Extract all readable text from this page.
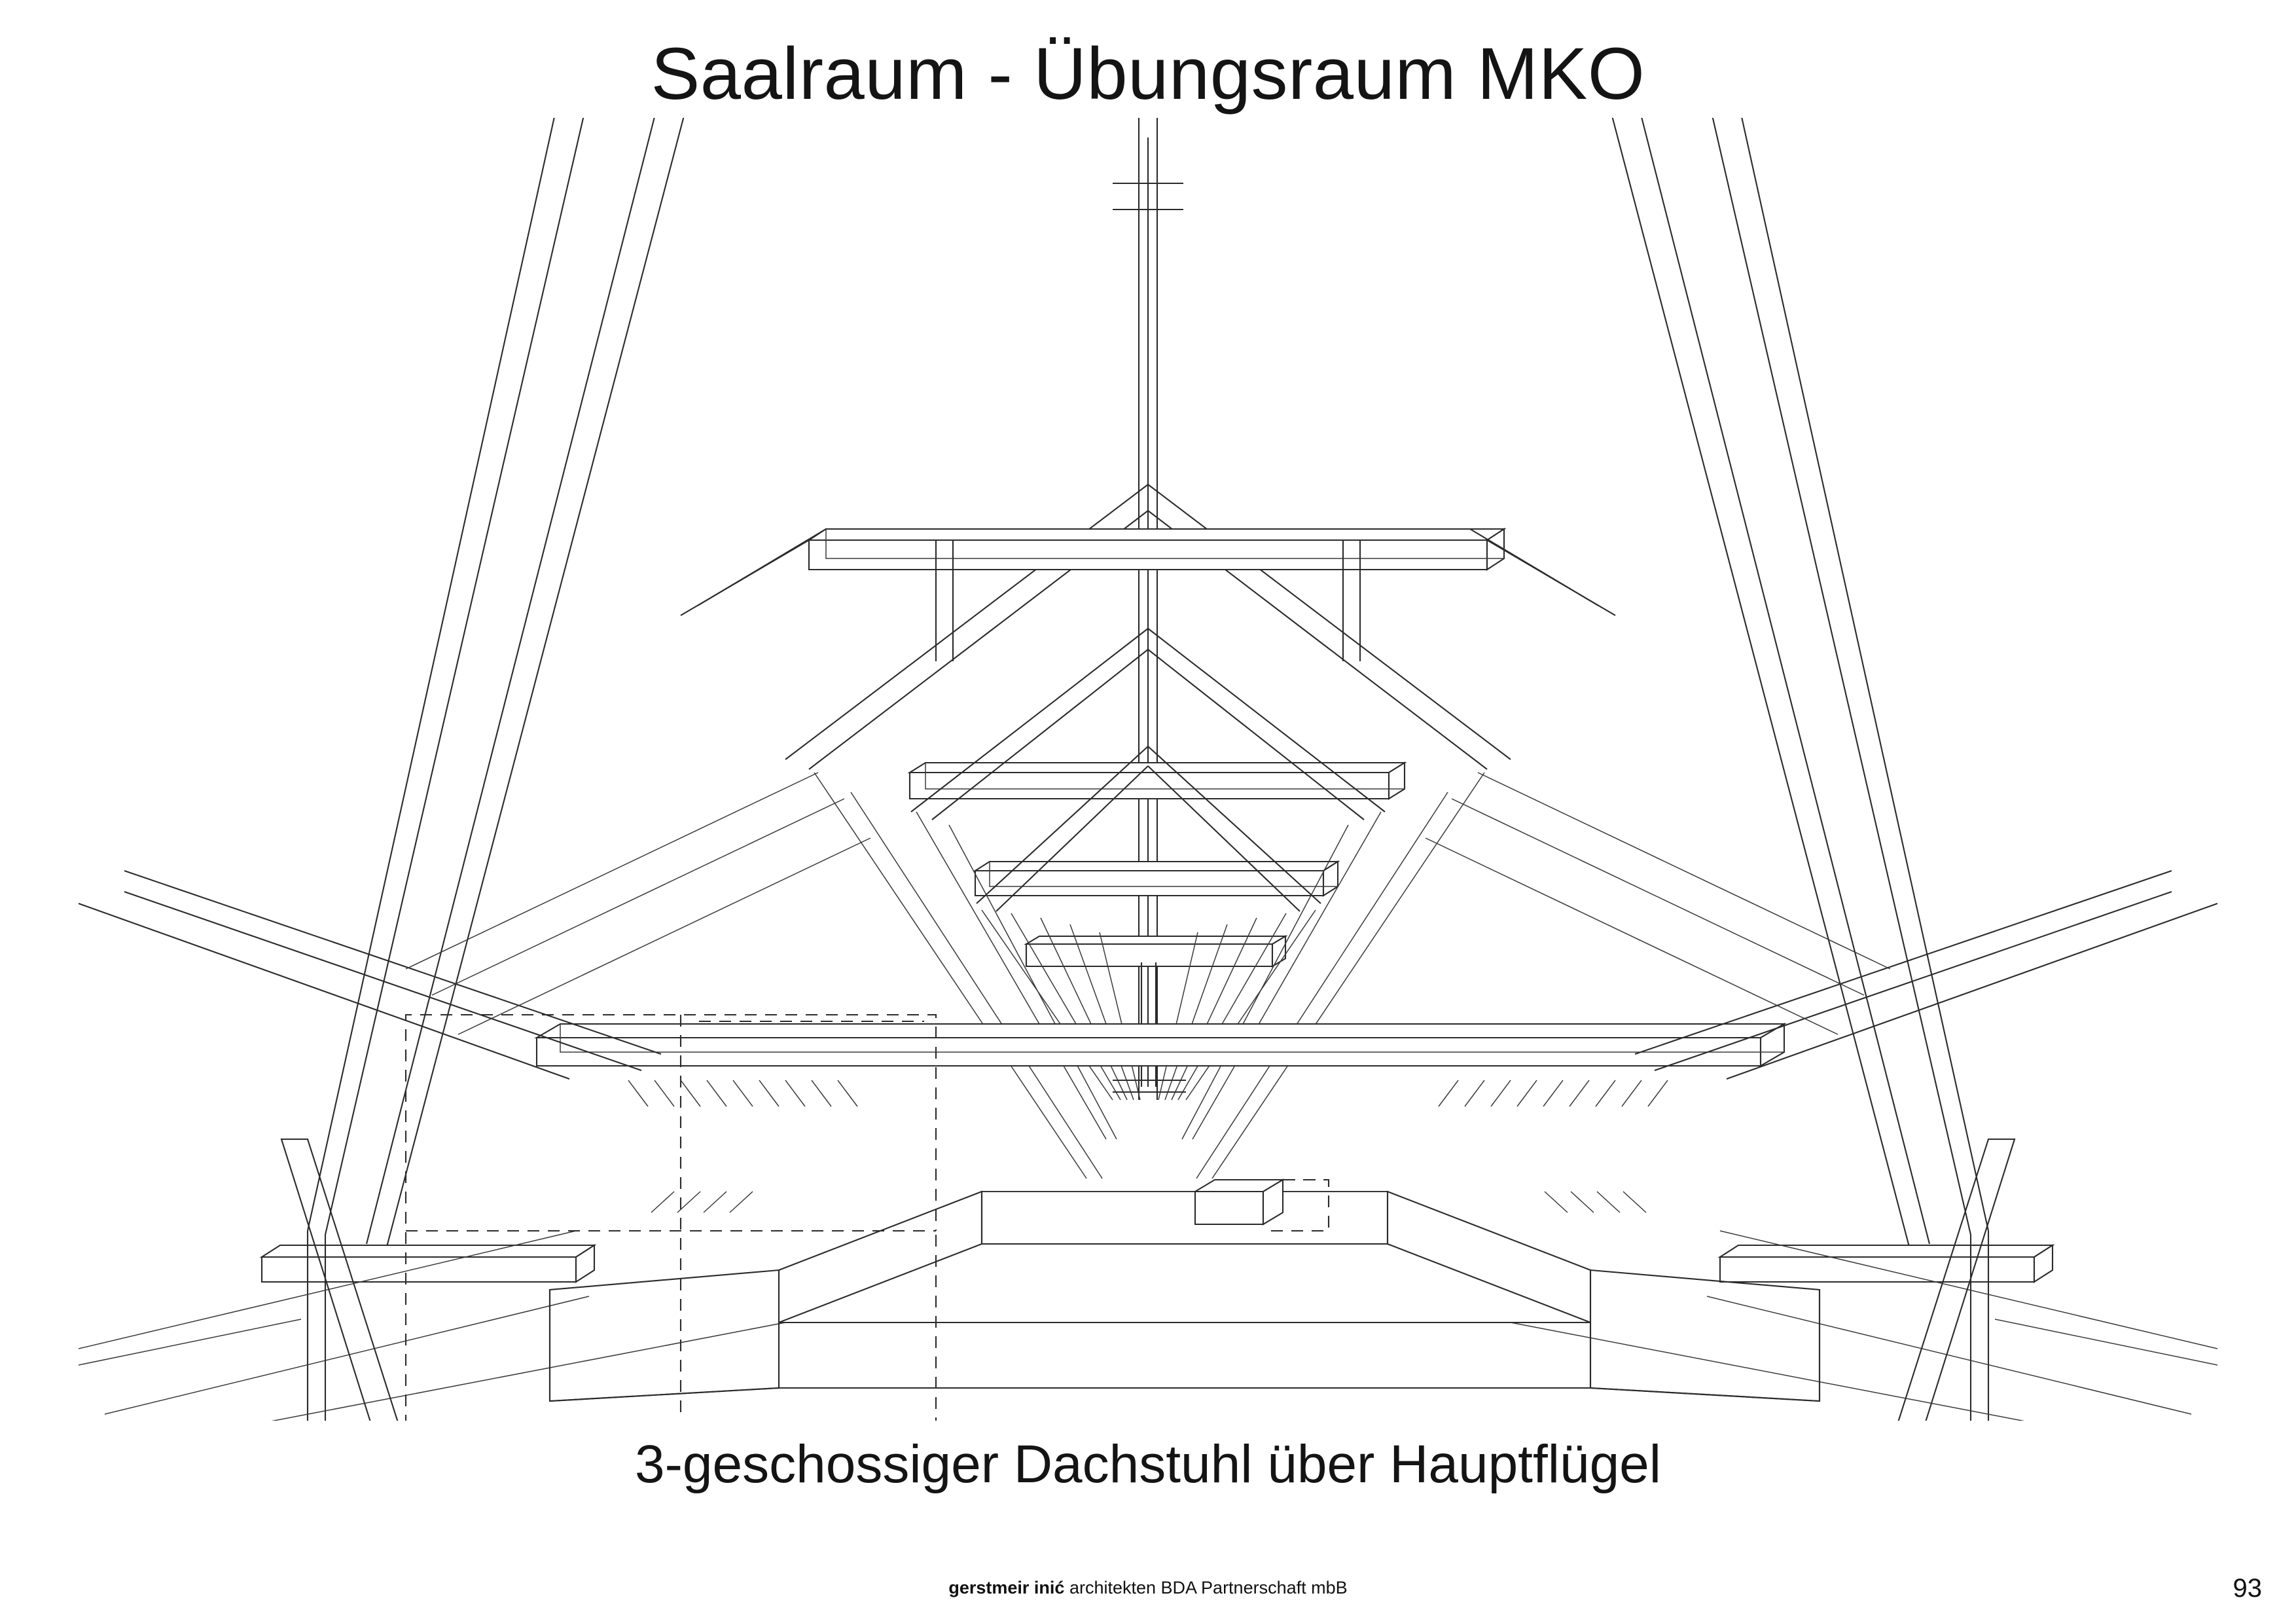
Saalraum - Übungsraum MKO
3-geschossiger Dachstuhl über Hauptflügel
gerstmeir inić architekten BDA Partnerschaft mbB	93
